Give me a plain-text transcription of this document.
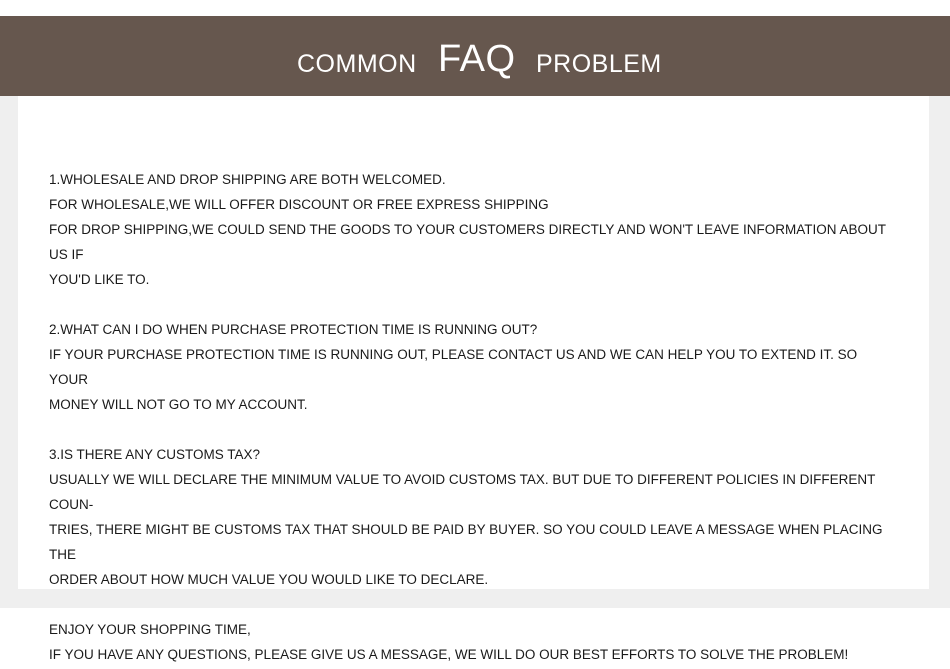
COMMON FAQ PROBLEM

1.WHOLESALE AND DROP SHIPPING ARE BOTH WELCOMED.

FOR WHOLESALE,WE WILL OFFER DISCOUNT OR FREE EXPRESS SHIPPING

FOR DROP SHIPPING,WE COULD SEND THE GOODS TO YOUR CUSTOMERS DIRECTLY AND WON'T LEAVE INFORMATION ABOUT US IF

YOU'D LIKE TO.

2.WHAT CAN I DO WHEN PURCHASE PROTECTION TIME IS RUNNING OUT?

IF YOUR PURCHASE PROTECTION TIME IS RUNNING OUT, PLEASE CONTACT US AND WE CAN HELP YOU TO EXTEND IT. SO YOUR

MONEY WILL NOT GO TO MY ACCOUNT.

3.IS THERE ANY CUSTOMS TAX?

USUALLY WE WILL DECLARE THE MINIMUM VALUE TO AVOID CUSTOMS TAX. BUT DUE TO DIFFERENT POLICIES IN DIFFERENT COUN-

TRIES, THERE MIGHT BE CUSTOMS TAX THAT SHOULD BE PAID BY BUYER. SO YOU COULD LEAVE A MESSAGE WHEN PLACING THE

ORDER ABOUT HOW MUCH VALUE YOU WOULD LIKE TO DECLARE.

ENJOY YOUR SHOPPING TIME,

IF YOU HAVE ANY QUESTIONS, PLEASE GIVE US A MESSAGE, WE WILL DO OUR BEST EFFORTS TO SOLVE THE PROBLEM!
